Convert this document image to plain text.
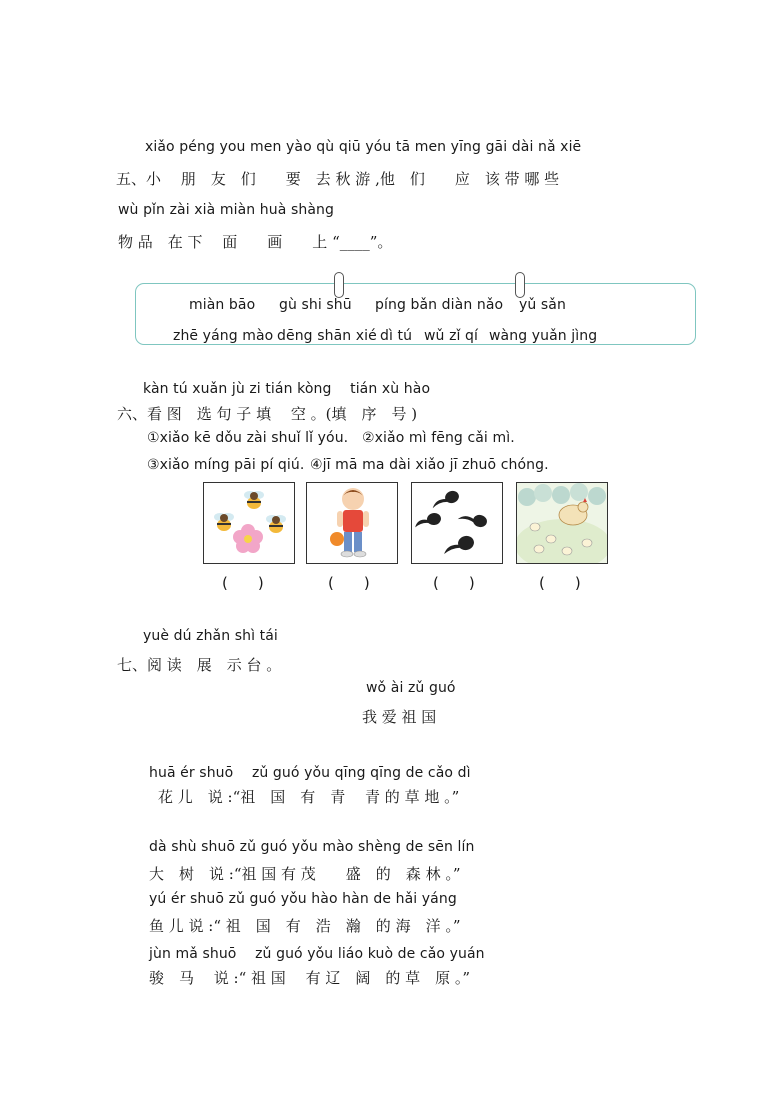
xiǎo péng you men yào qù qiū yóu tā men yīng gāi dài nǎ xiē
五、小　 朋　友　们　　要　去 秋 游 ,他　们　　应　该 带 哪 些
wù pǐn zài xià miàn huà shàng
物 品　在 下　 面　　画　　上 “____”。
miàn bāo gù shi shū píng bǎn diàn nǎo yǔ sǎn
zhē yáng mào dēng shān xié dì tú wǔ zǐ qí wàng yuǎn jìng
kàn tú xuǎn jù zi tián kòng　 tián xù hào
六、看 图　选 句 子 填　 空 。(填　序　号 )
①xiǎo kē dǒu zài shuǐ lǐ yóu. ②xiǎo mì fēng cǎi mì.
③xiǎo míng pāi pí qiú. ④jī mā ma dài xiǎo jī zhuō chóng.
(　　)	(　　)	(　　)	(　　)
yuè dú zhǎn shì tái
七、阅 读　展　示 台 。
wǒ ài zǔ guó
我 爱 祖 国
huā ér shuō　 zǔ guó yǒu qīng qīng de cǎo dì
花 儿　说 :“祖　国　有　青　 青 的 草 地 。”
dà shù shuō zǔ guó yǒu mào shèng de sēn lín
大　树　说 :“祖 国 有 茂　　盛　的　森 林 。”
yú ér shuō zǔ guó yǒu hào hàn de hǎi yáng
鱼 儿 说 :“ 祖　国　有　浩　瀚　的 海　洋 。”
jùn mǎ shuō　 zǔ guó yǒu liáo kuò de cǎo yuán
骏　马　 说 :“ 祖 国　 有 辽　阔　的 草　原 。”
